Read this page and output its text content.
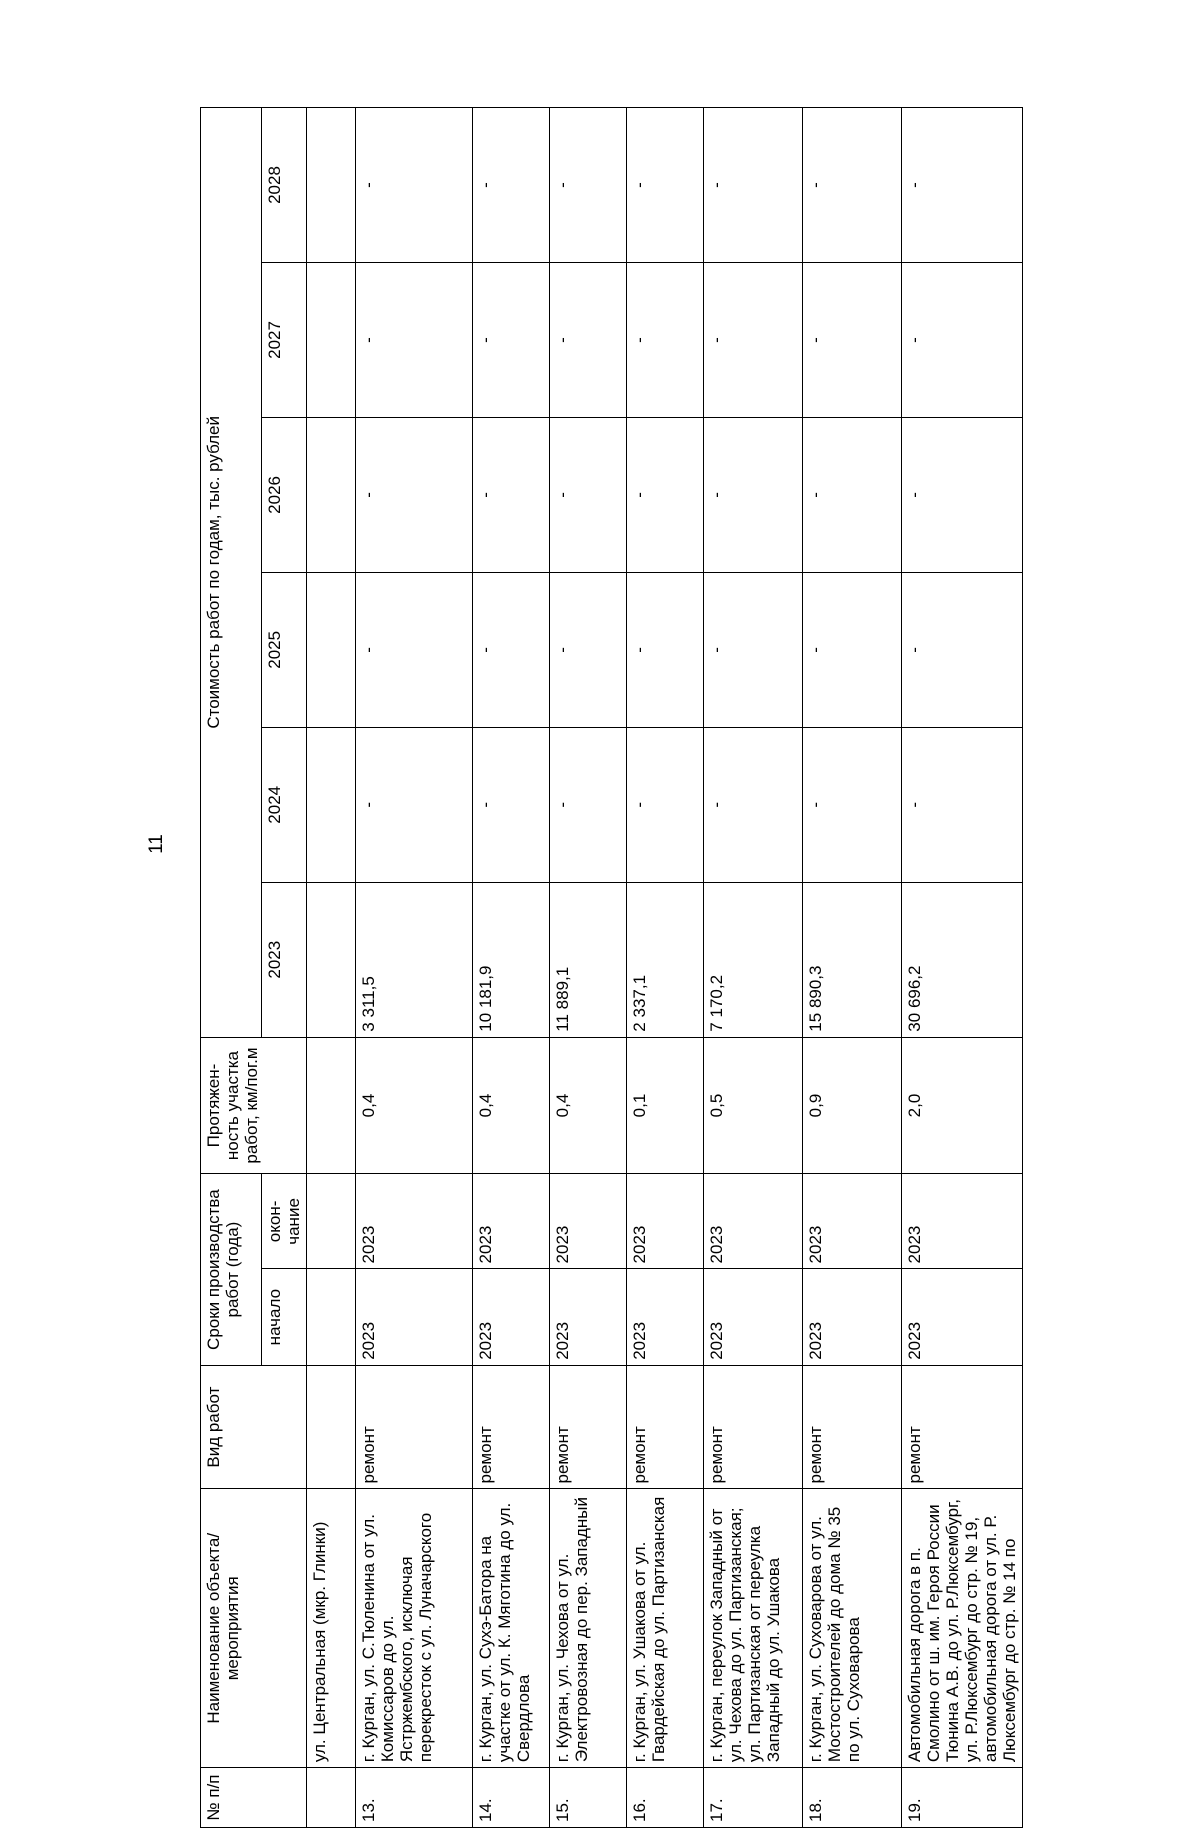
11
№ п/п	Наименование объекта/ мероприятия	Вид работ	Сроки производства работ (года)		Протяжен-ность участка работ, км/пог.м	Стоимость работ по годам, тыс. рублей					
			начало	окон-чание		2023	2024	2025	2026	2027	2028
	ул. Центральная (мкр. Глинки)										
13.	г. Курган, ул. С.Тюленина от ул. Комиссаров до ул. Ястржембского, исключая перекресток с ул. Луначарского	ремонт	2023	2023	0,4	3 311,5	-	-	-	-	-
14.	г. Курган, ул. Сухэ-Батора на участке от ул. К. Мяготина до ул. Свердлова	ремонт	2023	2023	0,4	10 181,9	-	-	-	-	-
15.	г. Курган, ул. Чехова от ул. Электровозная до пер. Западный	ремонт	2023	2023	0,4	11 889,1	-	-	-	-	-
16.	г. Курган, ул. Ушакова от ул. Гвардейская до ул. Партизанская	ремонт	2023	2023	0,1	2 337,1	-	-	-	-	-
17.	г. Курган, переулок Западный от ул. Чехова до ул. Партизанская; ул. Партизанская от переулка Западный до ул. Ушакова	ремонт	2023	2023	0,5	7 170,2	-	-	-	-	-
18.	г. Курган, ул. Суховарова от ул. Мостостроителей до дома № 35 по ул. Суховарова	ремонт	2023	2023	0,9	15 890,3	-	-	-	-	-
19.	Автомобильная дорога в п. Смолино от ш. им. Героя России Тюнина А.В. до ул. Р.Люксембург, ул. Р.Люксембург до стр. № 19, автомобильная дорога от ул. Р. Люксембург до стр. № 14 по	ремонт	2023	2023	2,0	30 696,2	-	-	-	-	-
